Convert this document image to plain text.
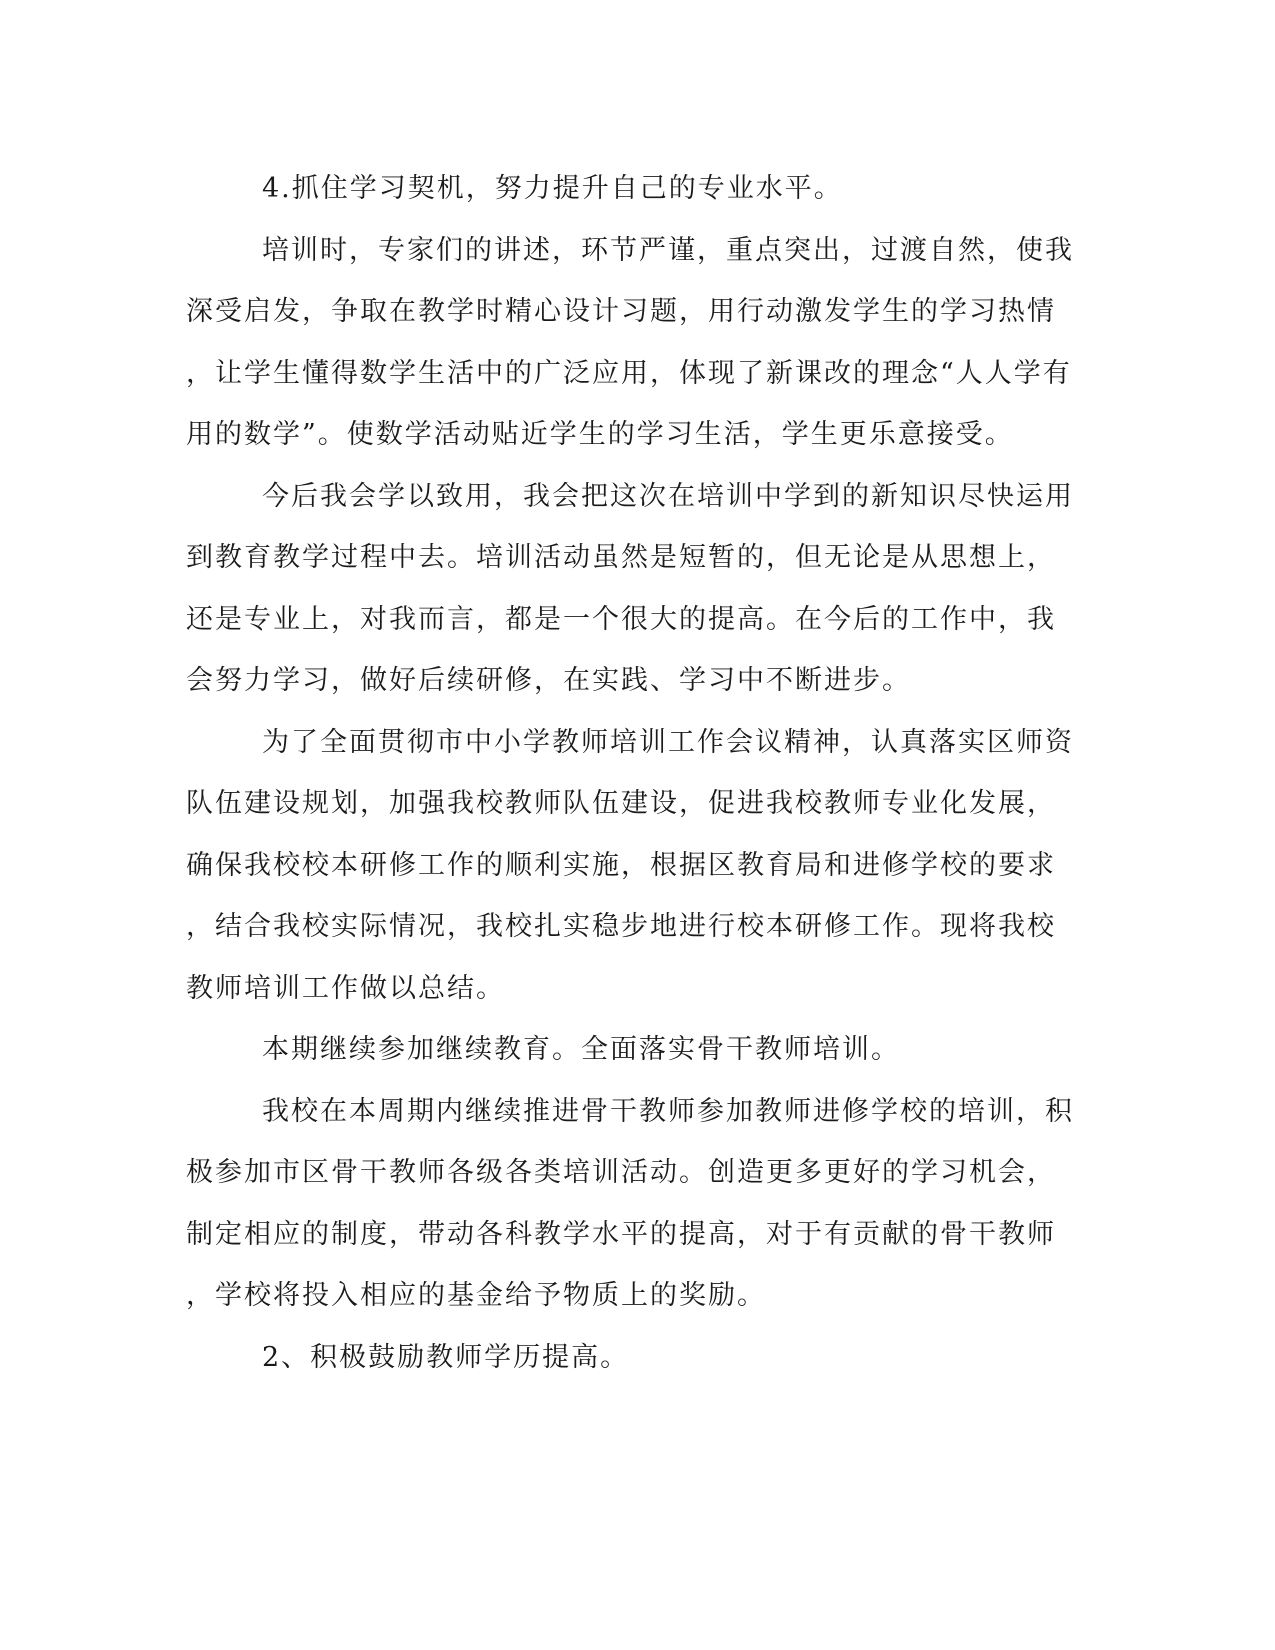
4.抓住学习契机，努力提升自己的专业水平。
培训时，专家们的讲述，环节严谨，重点突出，过渡自然，使我
深受启发，争取在教学时精心设计习题，用行动激发学生的学习热情
，让学生懂得数学生活中的广泛应用，体现了新课改的理念“人人学有
用的数学”。使数学活动贴近学生的学习生活，学生更乐意接受。
今后我会学以致用，我会把这次在培训中学到的新知识尽快运用
到教育教学过程中去。培训活动虽然是短暂的，但无论是从思想上，
还是专业上，对我而言，都是一个很大的提高。在今后的工作中，我
会努力学习，做好后续研修，在实践、学习中不断进步。
为了全面贯彻市中小学教师培训工作会议精神，认真落实区师资
队伍建设规划，加强我校教师队伍建设，促进我校教师专业化发展，
确保我校校本研修工作的顺利实施，根据区教育局和进修学校的要求
，结合我校实际情况，我校扎实稳步地进行校本研修工作。现将我校
教师培训工作做以总结。
本期继续参加继续教育。全面落实骨干教师培训。
我校在本周期内继续推进骨干教师参加教师进修学校的培训，积
极参加市区骨干教师各级各类培训活动。创造更多更好的学习机会，
制定相应的制度，带动各科教学水平的提高，对于有贡献的骨干教师
，学校将投入相应的基金给予物质上的奖励。
2、积极鼓励教师学历提高。
